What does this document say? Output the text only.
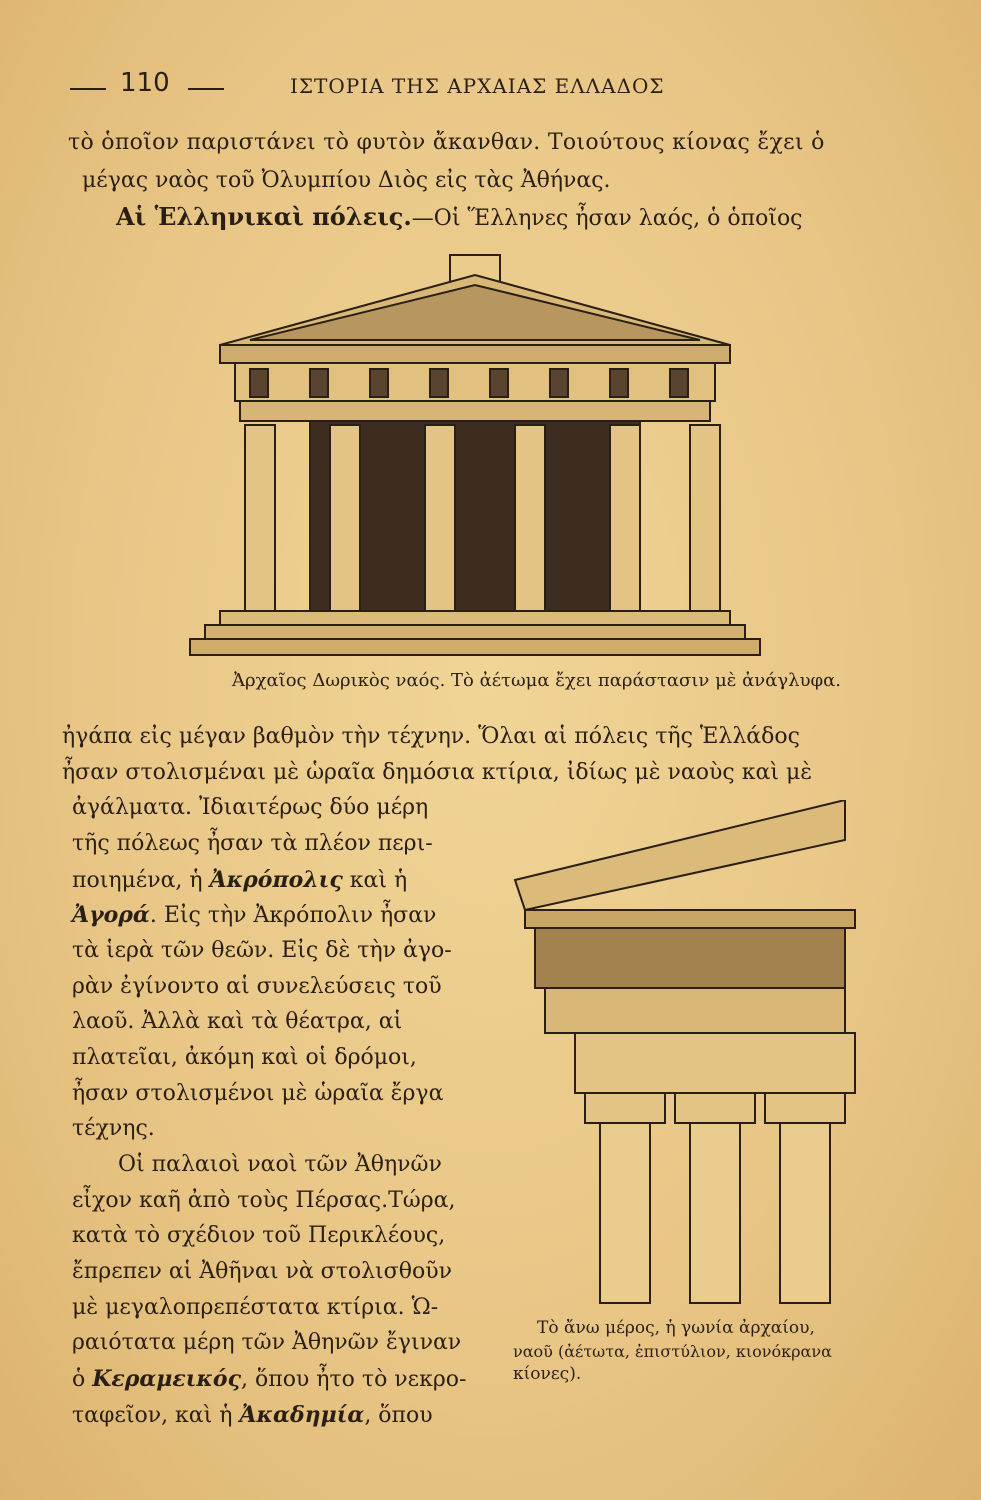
110	ΙΣΤΟΡΙΑ ΤΗΣ ΑΡΧΑΙΑΣ ΕΛΛΑΔΟΣ
τὸ ὁποῖον παριστάνει τὸ φυτὸν ἄκανθαν. Τοιούτους κίονας ἔχει ὁ
μέγας ναὸς τοῦ Ὀλυμπίου Διὸς εἰς τὰς Ἀθήνας.
Αἱ Ἑλληνικαὶ πόλεις.—Οἱ Ἕλληνες ἦσαν λαός, ὁ ὁποῖος
Ἀρχαῖος Δωρικὸς ναός. Τὸ ἀέτωμα ἔχει παράστασιν μὲ ἀνάγλυφα.
ἠγάπα εἰς μέγαν βαθμὸν τὴν τέχνην. Ὅλαι αἱ πόλεις τῆς Ἑλλάδος
ἦσαν στολισμέναι μὲ ὡραῖα δημόσια κτίρια, ἰδίως μὲ ναοὺς καὶ μὲ
ἀγάλματα. Ἰδιαιτέρως δύο μέρη
τῆς πόλεως ἦσαν τὰ πλέον περι-
ποιημένα, ἡ Ἀκρόπολις καὶ ἡ
Ἀγορά. Εἰς τὴν Ἀκρόπολιν ἦσαν
τὰ ἱερὰ τῶν θεῶν. Εἰς δὲ τὴν ἀγο-
ρὰν ἐγίνοντο αἱ συνελεύσεις τοῦ
λαοῦ. Ἀλλὰ καὶ τὰ θέατρα, αἱ
πλατεῖαι, ἀκόμη καὶ οἱ δρόμοι,
ἦσαν στολισμένοι μὲ ὡραῖα ἔργα
τέχνης.
Οἱ παλαιοὶ ναοὶ τῶν Ἀθηνῶν
εἶχον καῆ ἀπὸ τοὺς Πέρσας.Τώρα,
κατὰ τὸ σχέδιον τοῦ Περικλέους,
ἔπρεπεν αἱ Ἀθῆναι νὰ στολισθοῦν
μὲ μεγαλοπρεπέστατα κτίρια. Ὡ-
ραιότατα μέρη τῶν Ἀθηνῶν ἔγιναν
ὁ Κεραμεικός, ὅπου ἦτο τὸ νεκρο-
ταφεῖον, καὶ ἡ Ἀκαδημία, ὅπου
Τὸ ἄνω μέρος, ἡ γωνία ἀρχαίου,
ναοῦ (ἀέτωτα, ἐπιστύλιον, κιονόκρανα
κίονες).
